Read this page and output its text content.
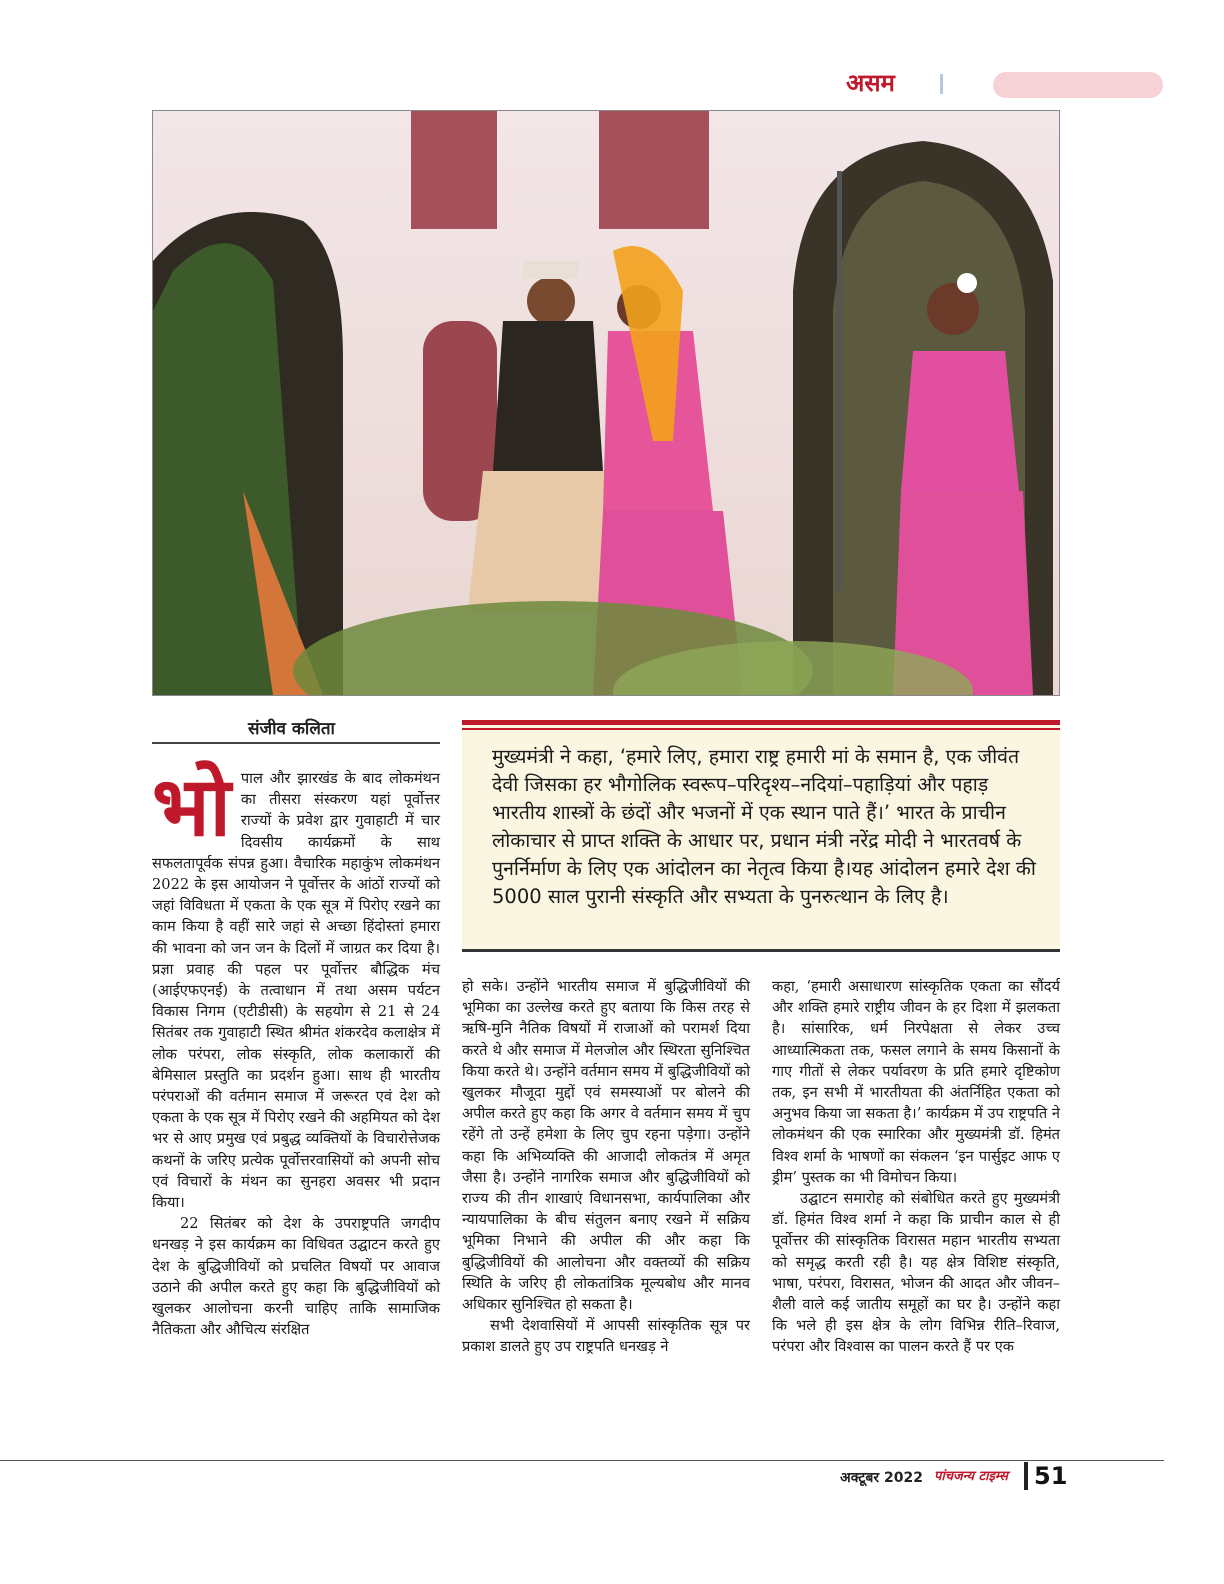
असम
संजीव कलिता

मुख्यमंत्री ने कहा, ‘हमारे लिए, हमारा राष्ट्र हमारी मां के समान है, एक जीवंत देवी जिसका हर भौगोलिक स्वरूप–परिदृश्य–नदियां–पहाड़ियां और पहाड़ भारतीय शास्त्रों के छंदों और भजनों में एक स्थान पाते हैं।’ भारत के प्राचीन लोकाचार से प्राप्त शक्ति के आधार पर, प्रधान मंत्री नरेंद्र मोदी ने भारतवर्ष के पुनर्निर्माण के लिए एक आंदोलन का नेतृत्व किया है।यह आंदोलन हमारे देश की 5000 साल पुरानी संस्कृति और सभ्यता के पुनरुत्थान के लिए है।

भो पाल और झारखंड के बाद लोकमंथन का तीसरा संस्करण यहां पूर्वोत्तर राज्यों के प्रवेश द्वार गुवाहाटी में चार दिवसीय कार्यक्रमों के साथ सफलतापूर्वक संपन्न हुआ। वैचारिक महाकुंभ लोकमंथन 2022 के इस आयोजन ने पूर्वोत्तर के आंठों राज्यों को जहां विविधता में एकता के एक सूत्र में पिरोए रखने का काम किया है वहीं सारे जहां से अच्छा हिंदोस्तां हमारा की भावना को जन जन के दिलों में जाग्रत कर दिया है। प्रज्ञा प्रवाह की पहल पर पूर्वोत्तर बौद्धिक मंच (आईएफएनई) के तत्वाधान में तथा असम पर्यटन विकास निगम (एटीडीसी) के सहयोग से 21 से 24 सितंबर तक गुवाहाटी स्थित श्रीमंत शंकरदेव कलाक्षेत्र में लोक परंपरा, लोक संस्कृति, लोक कलाकारों की बेमिसाल प्रस्तुति का प्रदर्शन हुआ। साथ ही भारतीय परंपराओं की वर्तमान समाज में जरूरत एवं देश को एकता के एक सूत्र में पिरोए रखने की अहमियत को देश भर से आए प्रमुख एवं प्रबुद्ध व्यक्तियों के विचारोत्तेजक कथनों के जरिए प्रत्येक पूर्वोत्तरवासियों को अपनी सोच एवं विचारों के मंथन का सुनहरा अवसर भी प्रदान किया।

22 सितंबर को देश के उपराष्ट्रपति जगदीप धनखड़ ने इस कार्यक्रम का विधिवत उद्घाटन करते हुए देश के बुद्धिजीवियों को प्रचलित विषयों पर आवाज उठाने की अपील करते हुए कहा कि बुद्धिजीवियों को खुलकर आलोचना करनी चाहिए ताकि सामाजिक नैतिकता और औचित्य संरक्षित

हो सके। उन्होंने भारतीय समाज में बुद्धिजीवियों की भूमिका का उल्लेख करते हुए बताया कि किस तरह से ऋषि-मुनि नैतिक विषयों में राजाओं को परामर्श दिया करते थे और समाज में मेलजोल और स्थिरता सुनिश्चित किया करते थे। उन्होंने वर्तमान समय में बुद्धिजीवियों को खुलकर मौजूदा मुद्दों एवं समस्याओं पर बोलने की अपील करते हुए कहा कि अगर वे वर्तमान समय में चुप रहेंगे तो उन्हें हमेशा के लिए चुप रहना पड़ेगा। उन्होंने कहा कि अभिव्यक्ति की आजादी लोकतंत्र में अमृत जैसा है। उन्होंने नागरिक समाज और बुद्धिजीवियों को राज्य की तीन शाखाएं विधानसभा, कार्यपालिका और न्यायपालिका के बीच संतुलन बनाए रखने में सक्रिय भूमिका निभाने की अपील की और कहा कि बुद्धिजीवियों की आलोचना और वक्तव्यों की सक्रिय स्थिति के जरिए ही लोकतांत्रिक मूल्यबोध और मानव अधिकार सुनिश्चित हो सकता है।

सभी देशवासियों में आपसी सांस्कृतिक सूत्र पर प्रकाश डालते हुए उप राष्ट्रपति धनखड़ ने

कहा, ‘हमारी असाधारण सांस्कृतिक एकता का सौंदर्य और शक्ति हमारे राष्ट्रीय जीवन के हर दिशा में झलकता है। सांसारिक, धर्म निरपेक्षता से लेकर उच्च आध्यात्मिकता तक, फसल लगाने के समय किसानों के गाए गीतों से लेकर पर्यावरण के प्रति हमारे दृष्टिकोण तक, इन सभी में भारतीयता की अंतर्निहित एकता को अनुभव किया जा सकता है।’ कार्यक्रम में उप राष्ट्रपति ने लोकमंथन की एक स्मारिका और मुख्यमंत्री डॉ. हिमंत विश्व शर्मा के भाषणों का संकलन ‘इन पार्सुइट आफ ए ड्रीम’ पुस्तक का भी विमोचन किया।

उद्घाटन समारोह को संबोधित करते हुए मुख्यमंत्री डॉ. हिमंत विश्व शर्मा ने कहा कि प्राचीन काल से ही पूर्वोत्तर की सांस्कृतिक विरासत महान भारतीय सभ्यता को समृद्ध करती रही है। यह क्षेत्र विशिष्ट संस्कृति, भाषा, परंपरा, विरासत, भोजन की आदत और जीवन–शैली वाले कई जातीय समूहों का घर है। उन्होंने कहा कि भले ही इस क्षेत्र के लोग विभिन्न रीति–रिवाज, परंपरा और विश्वास का पालन करते हैं पर एक

अक्टूबर 2022 पांचजन्य टाइम्स 51
